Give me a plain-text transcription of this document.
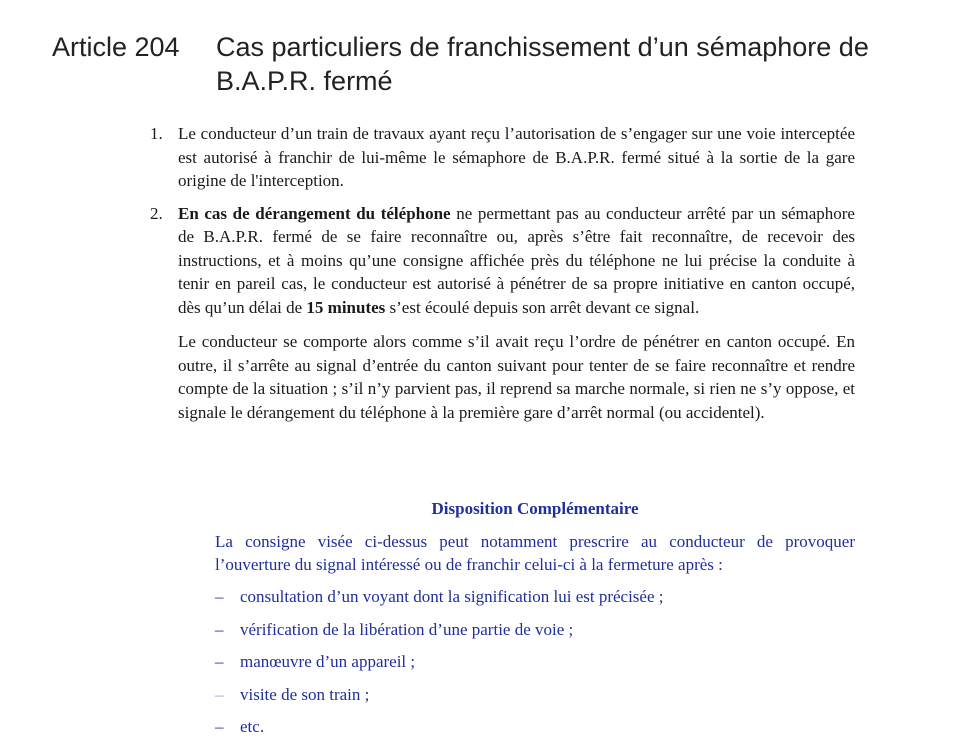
Article 204 Cas particuliers de franchissement d’un sémaphore de B.A.P.R. fermé
1. Le conducteur d’un train de travaux ayant reçu l’autorisation de s’engager sur une voie interceptée est autorisé à franchir de lui-même le sémaphore de B.A.P.R. fermé situé à la sortie de la gare origine de l'interception.

2. En cas de dérangement du téléphone ne permettant pas au conducteur arrêté par un sémaphore de B.A.P.R. fermé de se faire reconnaître ou, après s’être fait reconnaître, de recevoir des instructions, et à moins qu’une consigne affichée près du téléphone ne lui précise la conduite à tenir en pareil cas, le conducteur est autorisé à pénétrer de sa propre initiative en canton occupé, dès qu’un délai de 15 minutes s’est écoulé depuis son arrêt devant ce signal.

Le conducteur se comporte alors comme s’il avait reçu l’ordre de pénétrer en canton occupé. En outre, il s’arrête au signal d’entrée du canton suivant pour tenter de se faire reconnaître et rendre compte de la situation ; s’il n’y parvient pas, il reprend sa marche normale, si rien ne s’y oppose, et signale le dérangement du téléphone à la première gare d’arrêt normal (ou accidentel).

Disposition Complémentaire
La consigne visée ci-dessus peut notamment prescrire au conducteur de provoquer l’ouverture du signal intéressé ou de franchir celui-ci à la fermeture après :
– consultation d’un voyant dont la signification lui est précisée ;
– vérification de la libération d’une partie de voie ;
– manœuvre d’un appareil ;
– visite de son train ;
– etc.
